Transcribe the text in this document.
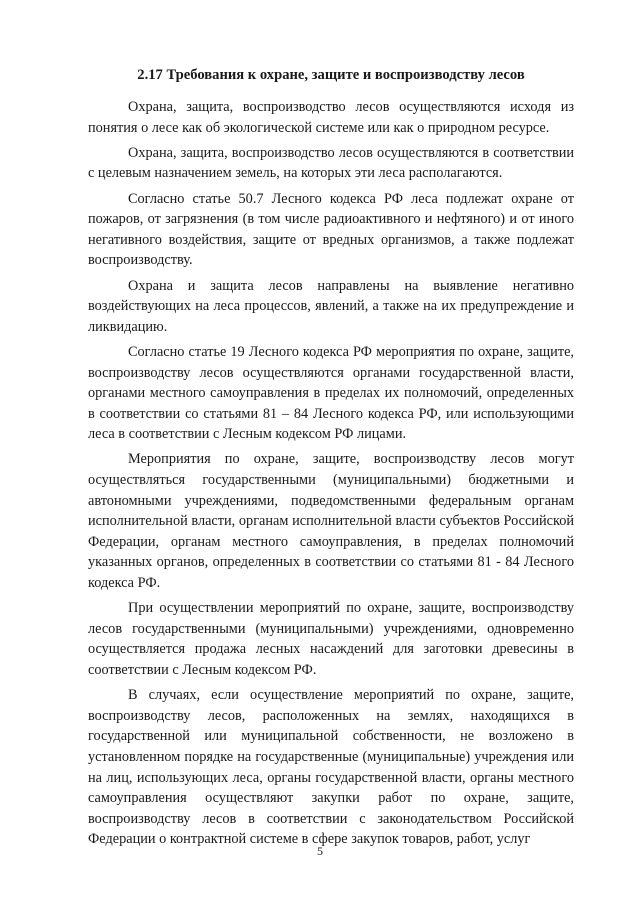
2.17 Требования к охране, защите и воспроизводству лесов

Охрана, защита, воспроизводство лесов осуществляются исходя из понятия о лесе как об экологической системе или как о природном ресурсе.

Охрана, защита, воспроизводство лесов осуществляются в соответствии с целевым назначением земель, на которых эти леса располагаются.

Согласно статье 50.7 Лесного кодекса РФ леса подлежат охране от пожаров, от загрязнения (в том числе радиоактивного и нефтяного) и от иного негативного воздействия, защите от вредных организмов, а также подлежат воспроизводству.

Охрана и защита лесов направлены на выявление негативно воздействующих на леса процессов, явлений, а также на их предупреждение и ликвидацию.

Согласно статье 19 Лесного кодекса РФ мероприятия по охране, защите, воспроизводству лесов осуществляются органами государственной власти, органами местного самоуправления в пределах их полномочий, определенных в соответствии со статьями 81 – 84 Лесного кодекса РФ, или использующими леса в соответствии с Лесным кодексом РФ лицами.

Мероприятия по охране, защите, воспроизводству лесов могут осуществляться государственными (муниципальными) бюджетными и автономными учреждениями, подведомственными федеральным органам исполнительной власти, органам исполнительной власти субъектов Российской Федерации, органам местного самоуправления, в пределах полномочий указанных органов, определенных в соответствии со статьями 81 - 84 Лесного кодекса РФ.

При осуществлении мероприятий по охране, защите, воспроизводству лесов государственными (муниципальными) учреждениями, одновременно осуществляется продажа лесных насаждений для заготовки древесины в соответствии с Лесным кодексом РФ.

В случаях, если осуществление мероприятий по охране, защите, воспроизводству лесов, расположенных на землях, находящихся в государственной или муниципальной собственности, не возложено в установленном порядке на государственные (муниципальные) учреждения или на лиц, использующих леса, органы государственной власти, органы местного самоуправления осуществляют закупки работ по охране, защите, воспроизводству лесов в соответствии с законодательством Российской Федерации о контрактной системе в сфере закупок товаров, работ, услуг

5
